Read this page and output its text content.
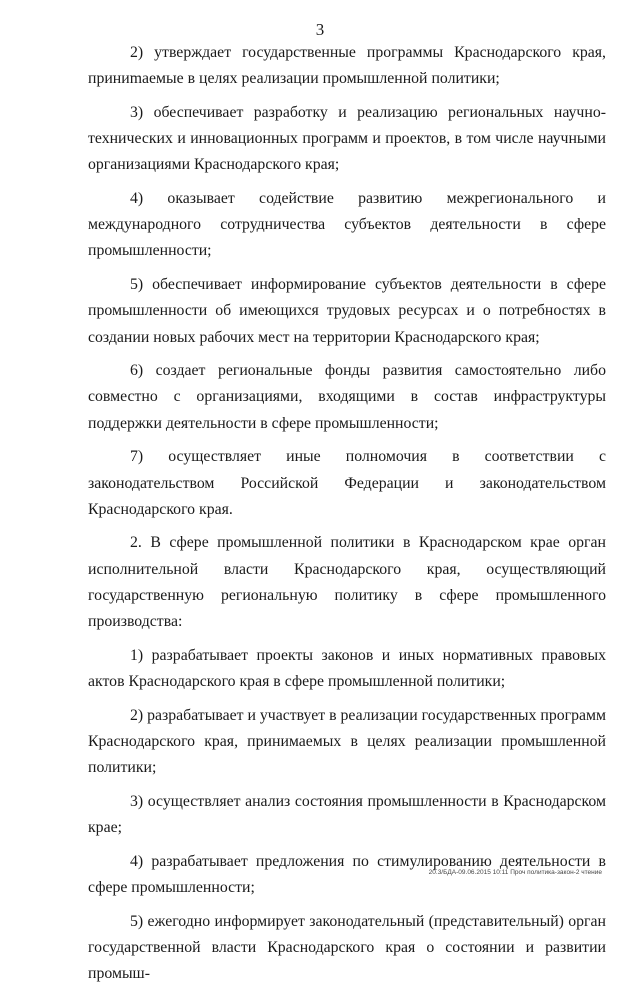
3

2) утверждает государственные программы Краснодарского края, приниmаемые в целях реализации промышленной политики;

3) обеспечивает разработку и реализацию региональных научно-технических и инновационных программ и проектов, в том числе научными организациями Краснодарского края;

4) оказывает содействие развитию межрегионального и международного сотрудничества субъектов деятельности в сфере промышленности;

5) обеспечивает информирование субъектов деятельности в сфере промышленности об имеющихся трудовых ресурсах и о потребностях в создании новых рабочих мест на территории Краснодарского края;

6) создает региональные фонды развития самостоятельно либо совместно с организациями, входящими в состав инфраструктуры поддержки деятельности в сфере промышленности;

7) осуществляет иные полномочия в соответствии с законодательством Российской Федерации и законодательством Краснодарского края.

2. В сфере промышленной политики в Краснодарском крае орган исполнительной власти Краснодарского края, осуществляющий государственную региональную политику в сфере промышленного производства:

1) разрабатывает проекты законов и иных нормативных правовых актов Краснодарского края в сфере промышленной политики;

2) разрабатывает и участвует в реализации государственных программ Краснодарского края, принимаемых в целях реализации промышленной политики;

3) осуществляет анализ состояния промышленности в Краснодарском крае;

4) разрабатывает предложения по стимулированию деятельности в сфере промышленности;

5) ежегодно информирует законодательный (представительный) орган государственной власти Краснодарского края о состоянии и развитии промыш-

20.3/БДА-09.06.2015 10:11 Проч политика-закон-2 чтение
